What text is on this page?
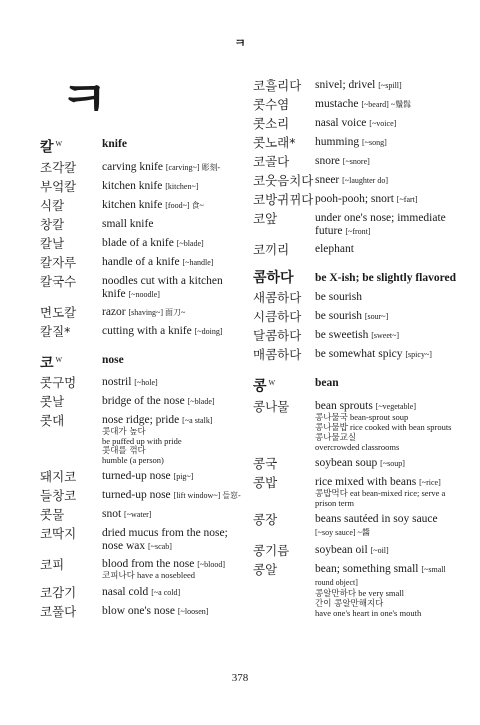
ㅋ
ㅋ
칼 $^W$	knife
조각칼	carving knife [carving~] 彫刻-
부엌칼	kitchen knife [kitchen~]
식칼	kitchen knife [food~] 食~
창칼	small knife
칼날	blade of a knife [~blade]
칼자루	handle of a knife [~handle]
칼국수	noodles cut with a kitchen knife [~noodle]
면도칼	razor [shaving~] 面刀~
칼질*	cutting with a knife [~doing]
코 $^W$	nose
콧구멍	nostril [~hole]
콧날	bridge of the nose [~blade]
콧대	nose ridge; pride [~a stalk]
콧대가 높다
be puffed up with pride
콧대를 꺾다
humble (a person)
돼지코	turned-up nose [pig~]
들창코	turned-up nose [lift window~] 들窓-
콧물	snot [~water]
코딱지	dried mucus from the nose; nose wax [~scab]
코피	blood from the nose [~blood]
코피나다 have a nosebleed
코감기	nasal cold [~a cold]
코풀다	blow one's nose [~loosen]
코흘리다	snivel; drivel [~spill]
콧수염	mustache [~beard] ~鬚髥
콧소리	nasal voice [~voice]
콧노래*	humming [~song]
코골다	snore [~snore]
코웃음치다 sneer [~laughter do]
코방귀뀌다 pooh-pooh; snort [~fart]
코앞	under one's nose; immediate future [~front]
코끼리	elephant
콤하다	be X-ish; be slightly flavored
새콤하다	be sourish
시큼하다	be sourish [sour~]
달콤하다	be sweetish [sweet~]
매콤하다	be somewhat spicy [spicy~]
콩 $^W$	bean
콩나물	bean sprouts [~vegetable]
콩나물국 bean-sprout soup
콩나물밥 rice cooked with bean sprouts
콩나물교실
overcrowded classrooms
콩국	soybean soup [~soup]
콩밥	rice mixed with beans [~rice]
콩밥먹다 eat bean-mixed rice; serve a prison term
콩장	beans sautéed in soy sauce [~soy sauce] ~醬
콩기름	soybean oil [~oil]
콩알	bean; something small [~small round object]
콩알만하다 be very small
간이 콩알만해지다
have one's heart in one's mouth
378
